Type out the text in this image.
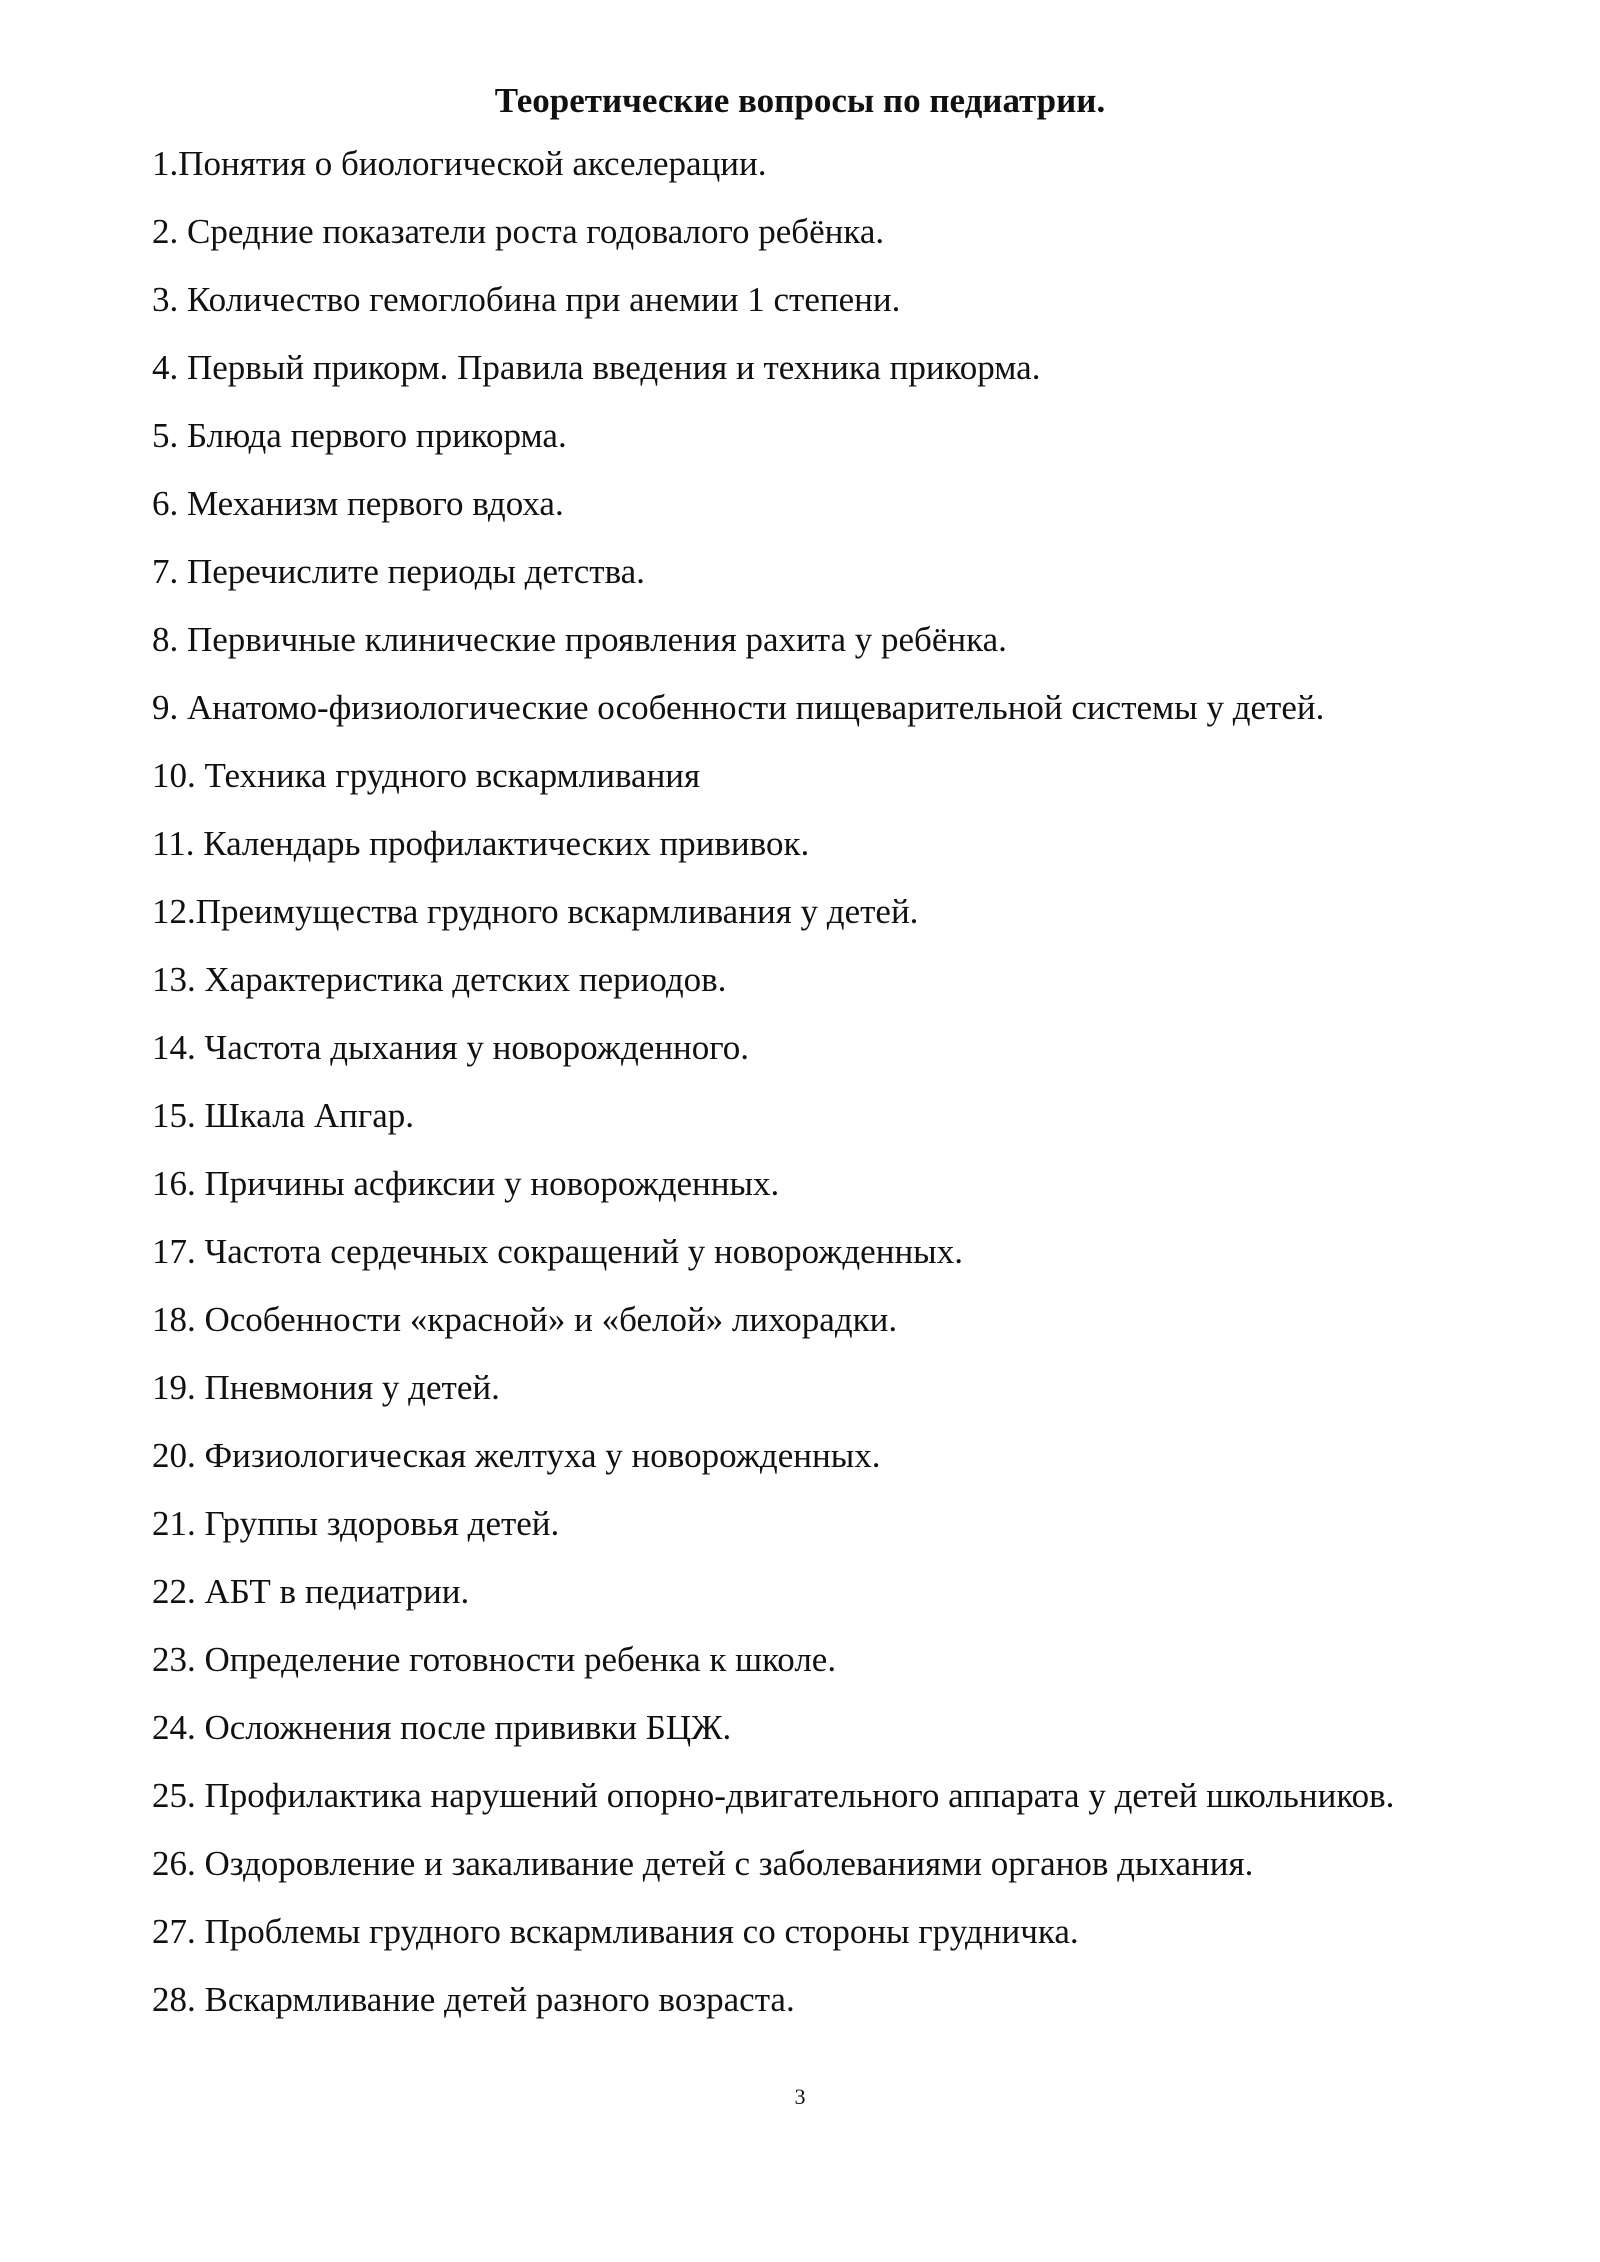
Теоретические вопросы по педиатрии.
1.Понятия о биологической акселерации.
2. Средние показатели роста годовалого ребёнка.
3. Количество гемоглобина при анемии 1 степени.
4. Первый прикорм. Правила введения и техника прикорма.
5. Блюда первого прикорма.
6. Механизм первого вдоха.
7. Перечислите периоды детства.
8. Первичные клинические проявления рахита у ребёнка.
9. Анатомо-физиологические особенности пищеварительной системы у детей.
10. Техника грудного вскармливания
11. Календарь профилактических прививок.
12.Преимущества грудного вскармливания у детей.
13. Характеристика детских периодов.
14. Частота дыхания у новорожденного.
15. Шкала Апгар.
16. Причины асфиксии у новорожденных.
17. Частота сердечных сокращений у новорожденных.
18. Особенности «красной» и «белой» лихорадки.
19. Пневмония у детей.
20. Физиологическая желтуха у новорожденных.
21. Группы здоровья детей.
22. АБТ в педиатрии.
23. Определение готовности ребенка к школе.
24. Осложнения после прививки БЦЖ.
25. Профилактика нарушений опорно-двигательного аппарата у детей школьников.
26. Оздоровление и закаливание детей с заболеваниями органов дыхания.
27. Проблемы грудного вскармливания со стороны грудничка.
28. Вскармливание детей разного возраста.
3
